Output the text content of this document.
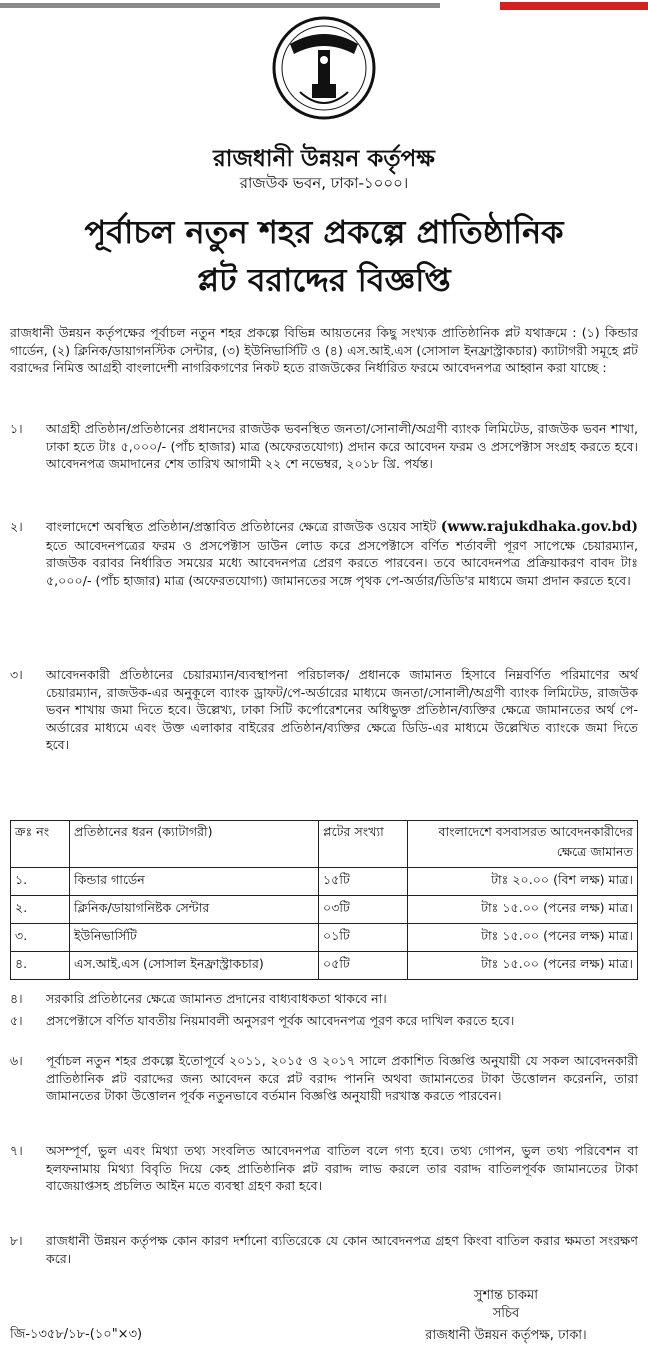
রাজধানী উন্নয়ন কর্তৃপক্ষ
রাজউক ভবন, ঢাকা-১০০০।
পূর্বাচল নতুন শহর প্রকল্পে প্রাতিষ্ঠানিক
প্লট বরাদ্দের বিজ্ঞপ্তি
রাজধানী উন্নয়ন কর্তৃপক্ষের পূর্বাচল নতুন শহর প্রকল্পে বিভিন্ন আয়তনের কিছু সংখ্যক প্রাতিষ্ঠানিক প্লট যথাক্রমে : (১) কিন্ডার গার্ডেন, (২) ক্লিনিক/ডায়াগনস্টিক সেন্টার, (৩) ইউনিভার্সিটি ও (৪) এস.আই.এস (সোসাল ইনফ্রাস্ট্রাকচার) ক্যাটাগরী সমূহে প্লট বরাদ্দের নিমিত্ত আগ্রহী বাংলাদেশী নাগরিকগণের নিকট হতে রাজউকের নির্ধারিত ফরমে আবেদনপত্র আহ্বান করা যাচ্ছে :
১।	আগ্রহী প্রতিষ্ঠান/প্রতিষ্ঠানের প্রধানদের রাজউক ভবনস্থিত জনতা/সোনালী/অগ্রণী ব্যাংক লিমিটেড, রাজউক ভবন শাখা, ঢাকা হতে টাঃ ৫,০০০/- (পাঁচ হাজার) মাত্র (অফেরতযোগ্য) প্রদান করে আবেদন ফরম ও প্রসপেক্টাস সংগ্রহ করতে হবে। আবেদনপত্র জমাদানের শেষ তারিখ আগামী ২২ শে নভেম্বর, ২০১৮ খ্রি. পর্যন্ত।
২।	বাংলাদেশে অবস্থিত প্রতিষ্ঠান/প্রস্তাবিত প্রতিষ্ঠানের ক্ষেত্রে রাজউক ওয়েব সাইট (www.rajukdhaka.gov.bd) হতে আবেদনপত্রের ফরম ও প্রসপেক্টাস ডাউন লোড করে প্রসপেক্টাসে বর্ণিত শর্তাবলী পূরণ সাপেক্ষে চেয়ারম্যান, রাজউক বরাবর নির্ধারিত সময়ের মধ্যে আবেদনপত্র প্রেরণ করতে পারবেন। তবে আবেদনপত্র প্রক্রিয়াকরণ বাবদ টাঃ ৫,০০০/- (পাঁচ হাজার) মাত্র (অফেরতযোগ্য) জামানতের সঙ্গে পৃথক পে-অর্ডার/ডিডি'র মাধ্যমে জমা প্রদান করতে হবে।
৩।	আবেদনকারী প্রতিষ্ঠানের চেয়ারম্যান/ব্যবস্থাপনা পরিচালক/ প্রধানকে জামানত হিসাবে নিম্নবর্ণিত পরিমাণের অর্থ চেয়ারম্যান, রাজউক-এর অনুকূলে ব্যাংক ড্রাফট/পে-অর্ডারের মাধ্যমে জনতা/সোনালী/অগ্রণী ব্যাংক লিমিটেড, রাজউক ভবন শাখায় জমা দিতে হবে। উল্লেখ্য, ঢাকা সিটি কর্পোরেশনের অধিভুক্ত প্রতিষ্ঠান/ব্যক্তির ক্ষেত্রে জামানতের অর্থ পে-অর্ডারের মাধ্যমে এবং উক্ত এলাকার বাইরের প্রতিষ্ঠান/ব্যক্তির ক্ষেত্রে ডিডি-এর মাধ্যমে উল্লেখিত ব্যাংকে জমা দিতে হবে।
ক্রঃ নং	প্রতিষ্ঠানের ধরন (ক্যাটাগরী)	প্লটের সংখ্যা	বাংলাদেশে বসবাসরত আবেদনকারীদের ক্ষেত্রে জামানত
১.	কিন্ডার গার্ডেন	১৫টি	টাঃ ২০.০০ (বিশ লক্ষ) মাত্র।
২.	ক্লিনিক/ডায়াগনিষ্টক সেন্টার	০৩টি	টাঃ ১৫.০০ (পনের লক্ষ) মাত্র।
৩.	ইউনিভার্সিটি	০১টি	টাঃ ১৫.০০ (পনের লক্ষ) মাত্র।
৪.	এস.আই.এস (সোসাল ইনফ্রাস্ট্রাকচার)	০৫টি	টাঃ ১৫.০০ (পনের লক্ষ) মাত্র।
৪।	সরকারি প্রতিষ্ঠানের ক্ষেত্রে জামানত প্রদানের বাধ্যবাধকতা থাকবে না।
৫।	প্রসপেক্টাসে বর্ণিত যাবতীয় নিয়মাবলী অনুসরণ পূর্বক আবেদনপত্র পূরণ করে দাখিল করতে হবে।
৬।	পূর্বাচল নতুন শহর প্রকল্পে ইতোপূর্বে ২০১১, ২০১৫ ও ২০১৭ সালে প্রকাশিত বিজ্ঞপ্তি অনুযায়ী যে সকল আবেদনকারী প্রাতিষ্ঠানিক প্লট বরাদ্দের জন্য আবেদন করে প্লট বরাদ্দ পাননি অথবা জামানতের টাকা উত্তোলন করেননি, তারা জামানতের টাকা উত্তোলন পূর্বক নতুনভাবে বর্তমান বিজ্ঞপ্তি অনুযায়ী দরখাস্ত করতে পারবেন।
৭।	অসম্পূর্ণ, ভুল এবং মিথ্যা তথ্য সংবলিত আবেদনপত্র বাতিল বলে গণ্য হবে। তথ্য গোপন, ভুল তথ্য পরিবেশন বা হলফনামায় মিথ্যা বিবৃতি দিয়ে কেহ প্রাতিষ্ঠানিক প্লট বরাদ্দ লাভ করলে তার বরাদ্দ বাতিলপূর্বক জামানতের টাকা বাজেয়াপ্তসহ প্রচলিত আইন মতে ব্যবস্থা গ্রহণ করা হবে।
৮।	রাজধানী উন্নয়ন কর্তৃপক্ষ কোন কারণ দর্শানো ব্যতিরেকে যে কোন আবেদনপত্র গ্রহণ কিংবা বাতিল করার ক্ষমতা সংরক্ষণ করে।
সুশান্ত চাকমা
সচিব
রাজধানী উন্নয়ন কর্তৃপক্ষ, ঢাকা।
জি-১৩৫৮/১৮-(১০"×৩)
